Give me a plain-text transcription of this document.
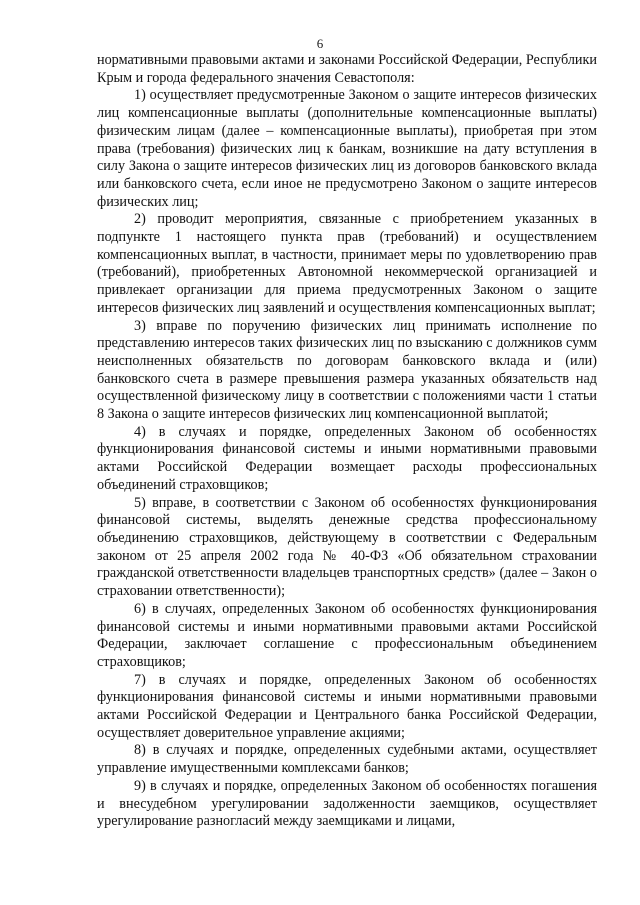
6

нормативными правовыми актами и законами Российской Федерации, Республики Крым и города федерального значения Севастополя:

1) осуществляет предусмотренные Законом о защите интересов физических лиц компенсационные выплаты (дополнительные компенсационные выплаты) физическим лицам (далее – компенсационные выплаты), приобретая при этом права (требования) физических лиц к банкам, возникшие на дату вступления в силу Закона о защите интересов физических лиц из договоров банковского вклада или банковского счета, если иное не предусмотрено Законом о защите интересов физических лиц;

2) проводит мероприятия, связанные с приобретением указанных в подпункте 1 настоящего пункта прав (требований) и осуществлением компенсационных выплат, в частности, принимает меры по удовлетворению прав (требований), приобретенных Автономной некоммерческой организацией и привлекает организации для приема предусмотренных Законом о защите интересов физических лиц заявлений и осуществления компенсационных выплат;

3) вправе по поручению физических лиц принимать исполнение по представлению интересов таких физических лиц по взысканию с должников сумм неисполненных обязательств по договорам банковского вклада и (или) банковского счета в размере превышения размера указанных обязательств над осуществленной физическому лицу в соответствии с положениями части 1 статьи 8 Закона о защите интересов физических лиц компенсационной выплатой;

4) в случаях и порядке, определенных Законом об особенностях функционирования финансовой системы и иными нормативными правовыми актами Российской Федерации возмещает расходы профессиональных объединений страховщиков;

5) вправе, в соответствии с Законом об особенностях функционирования финансовой системы, выделять денежные средства профессиональному объединению страховщиков, действующему в соответствии с Федеральным законом от 25 апреля 2002 года № 40-ФЗ «Об обязательном страховании гражданской ответственности владельцев транспортных средств» (далее – Закон о страховании ответственности);

6) в случаях, определенных Законом об особенностях функционирования финансовой системы и иными нормативными правовыми актами Российской Федерации, заключает соглашение с профессиональным объединением страховщиков;

7) в случаях и порядке, определенных Законом об особенностях функционирования финансовой системы и иными нормативными правовыми актами Российской Федерации и Центрального банка Российской Федерации, осуществляет доверительное управление акциями;

8) в случаях и порядке, определенных судебными актами, осуществляет управление имущественными комплексами банков;

9) в случаях и порядке, определенных Законом об особенностях погашения и внесудебном урегулировании задолженности заемщиков, осуществляет урегулирование разногласий между заемщиками и лицами,
